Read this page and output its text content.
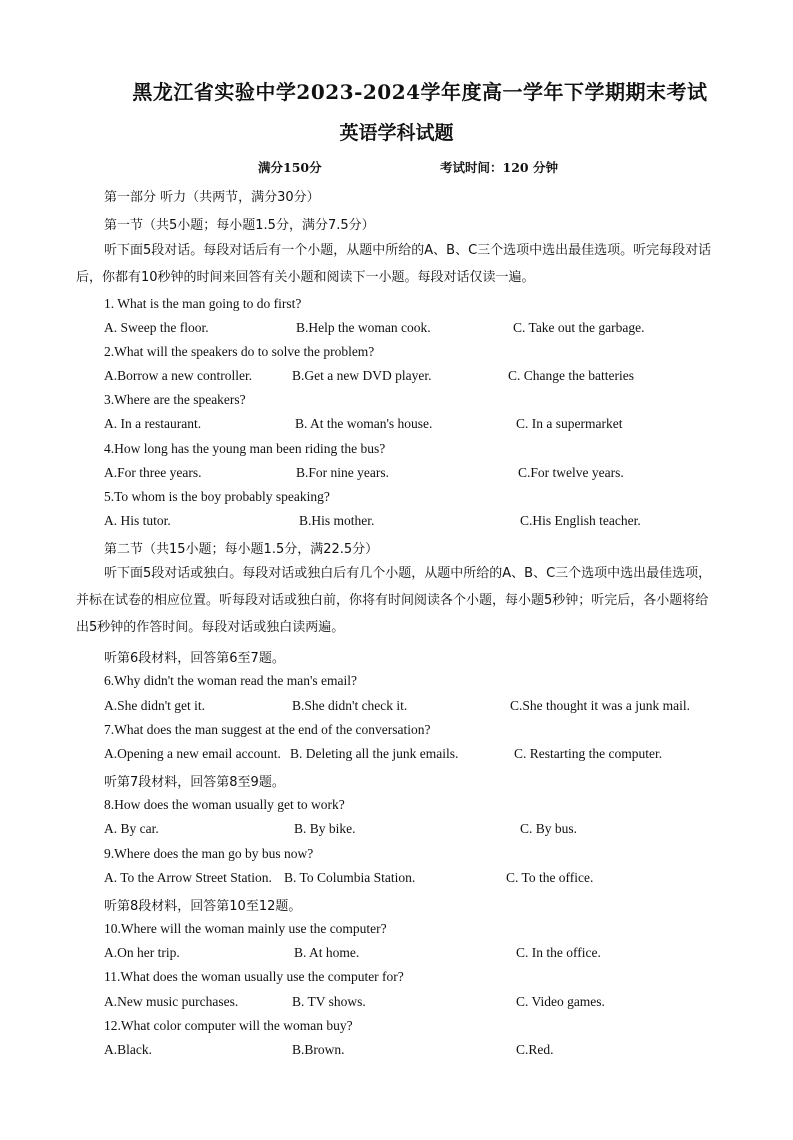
黑龙江省实验中学2023-2024学年度高一学年下学期期末考试
英语学科试题
满分150分	考试时间：120 分钟
第一部分 听力（共两节，满分30分）
第一节（共5小题；每小题1.5分，满分7.5分）
听下面5段对话。每段对话后有一个小题，从题中所给的A、B、C三个选项中选出最佳选项。听完每段对话后，你都有10秒钟的时间来回答有关小题和阅读下一小题。每段对话仅读一遍。
1. What is the man going to do first?
A. Sweep the floor.	B.Help the woman cook.	C. Take out the garbage.
2.What will the speakers do to solve the problem?
A.Borrow a new controller.	B.Get a new DVD player.	C. Change the batteries
3.Where are the speakers?
A. In a restaurant.	B. At the woman's house.	C. In a supermarket
4.How long has the young man been riding the bus?
A.For three years.	B.For nine years.	C.For twelve years.
5.To whom is the boy probably speaking?
A. His tutor.	B.His mother.	C.His English teacher.
第二节（共15小题；每小题1.5分，满22.5分）
听下面5段对话或独白。每段对话或独白后有几个小题，从题中所给的A、B、C三个选项中选出最佳选项，并标在试卷的相应位置。听每段对话或独白前，你将有时间阅读各个小题，每小题5秒钟；听完后，各小题将给出5秒钟的作答时间。每段对话或独白读两遍。
听第6段材料，回答第6至7题。
6.Why didn't the woman read the man's email?
A.She didn't get it.	B.She didn't check it.	C.She thought it was a junk mail.
7.What does the man suggest at the end of the conversation?
A.Opening a new email account. B. Deleting all the junk emails.	C. Restarting the computer.
听第7段材料，回答第8至9题。
8.How does the woman usually get to work?
A. By car.	B. By bike.	C. By bus.
9.Where does the man go by bus now?
A. To the Arrow Street Station. B. To Columbia Station.	C. To the office.
听第8段材料，回答第10至12题。
10.Where will the woman mainly use the computer?
A.On her trip.	B. At home.	C. In the office.
11.What does the woman usually use the computer for?
A.New music purchases.	B. TV shows.	C. Video games.
12.What color computer will the woman buy?
A.Black.	B.Brown.	C.Red.
